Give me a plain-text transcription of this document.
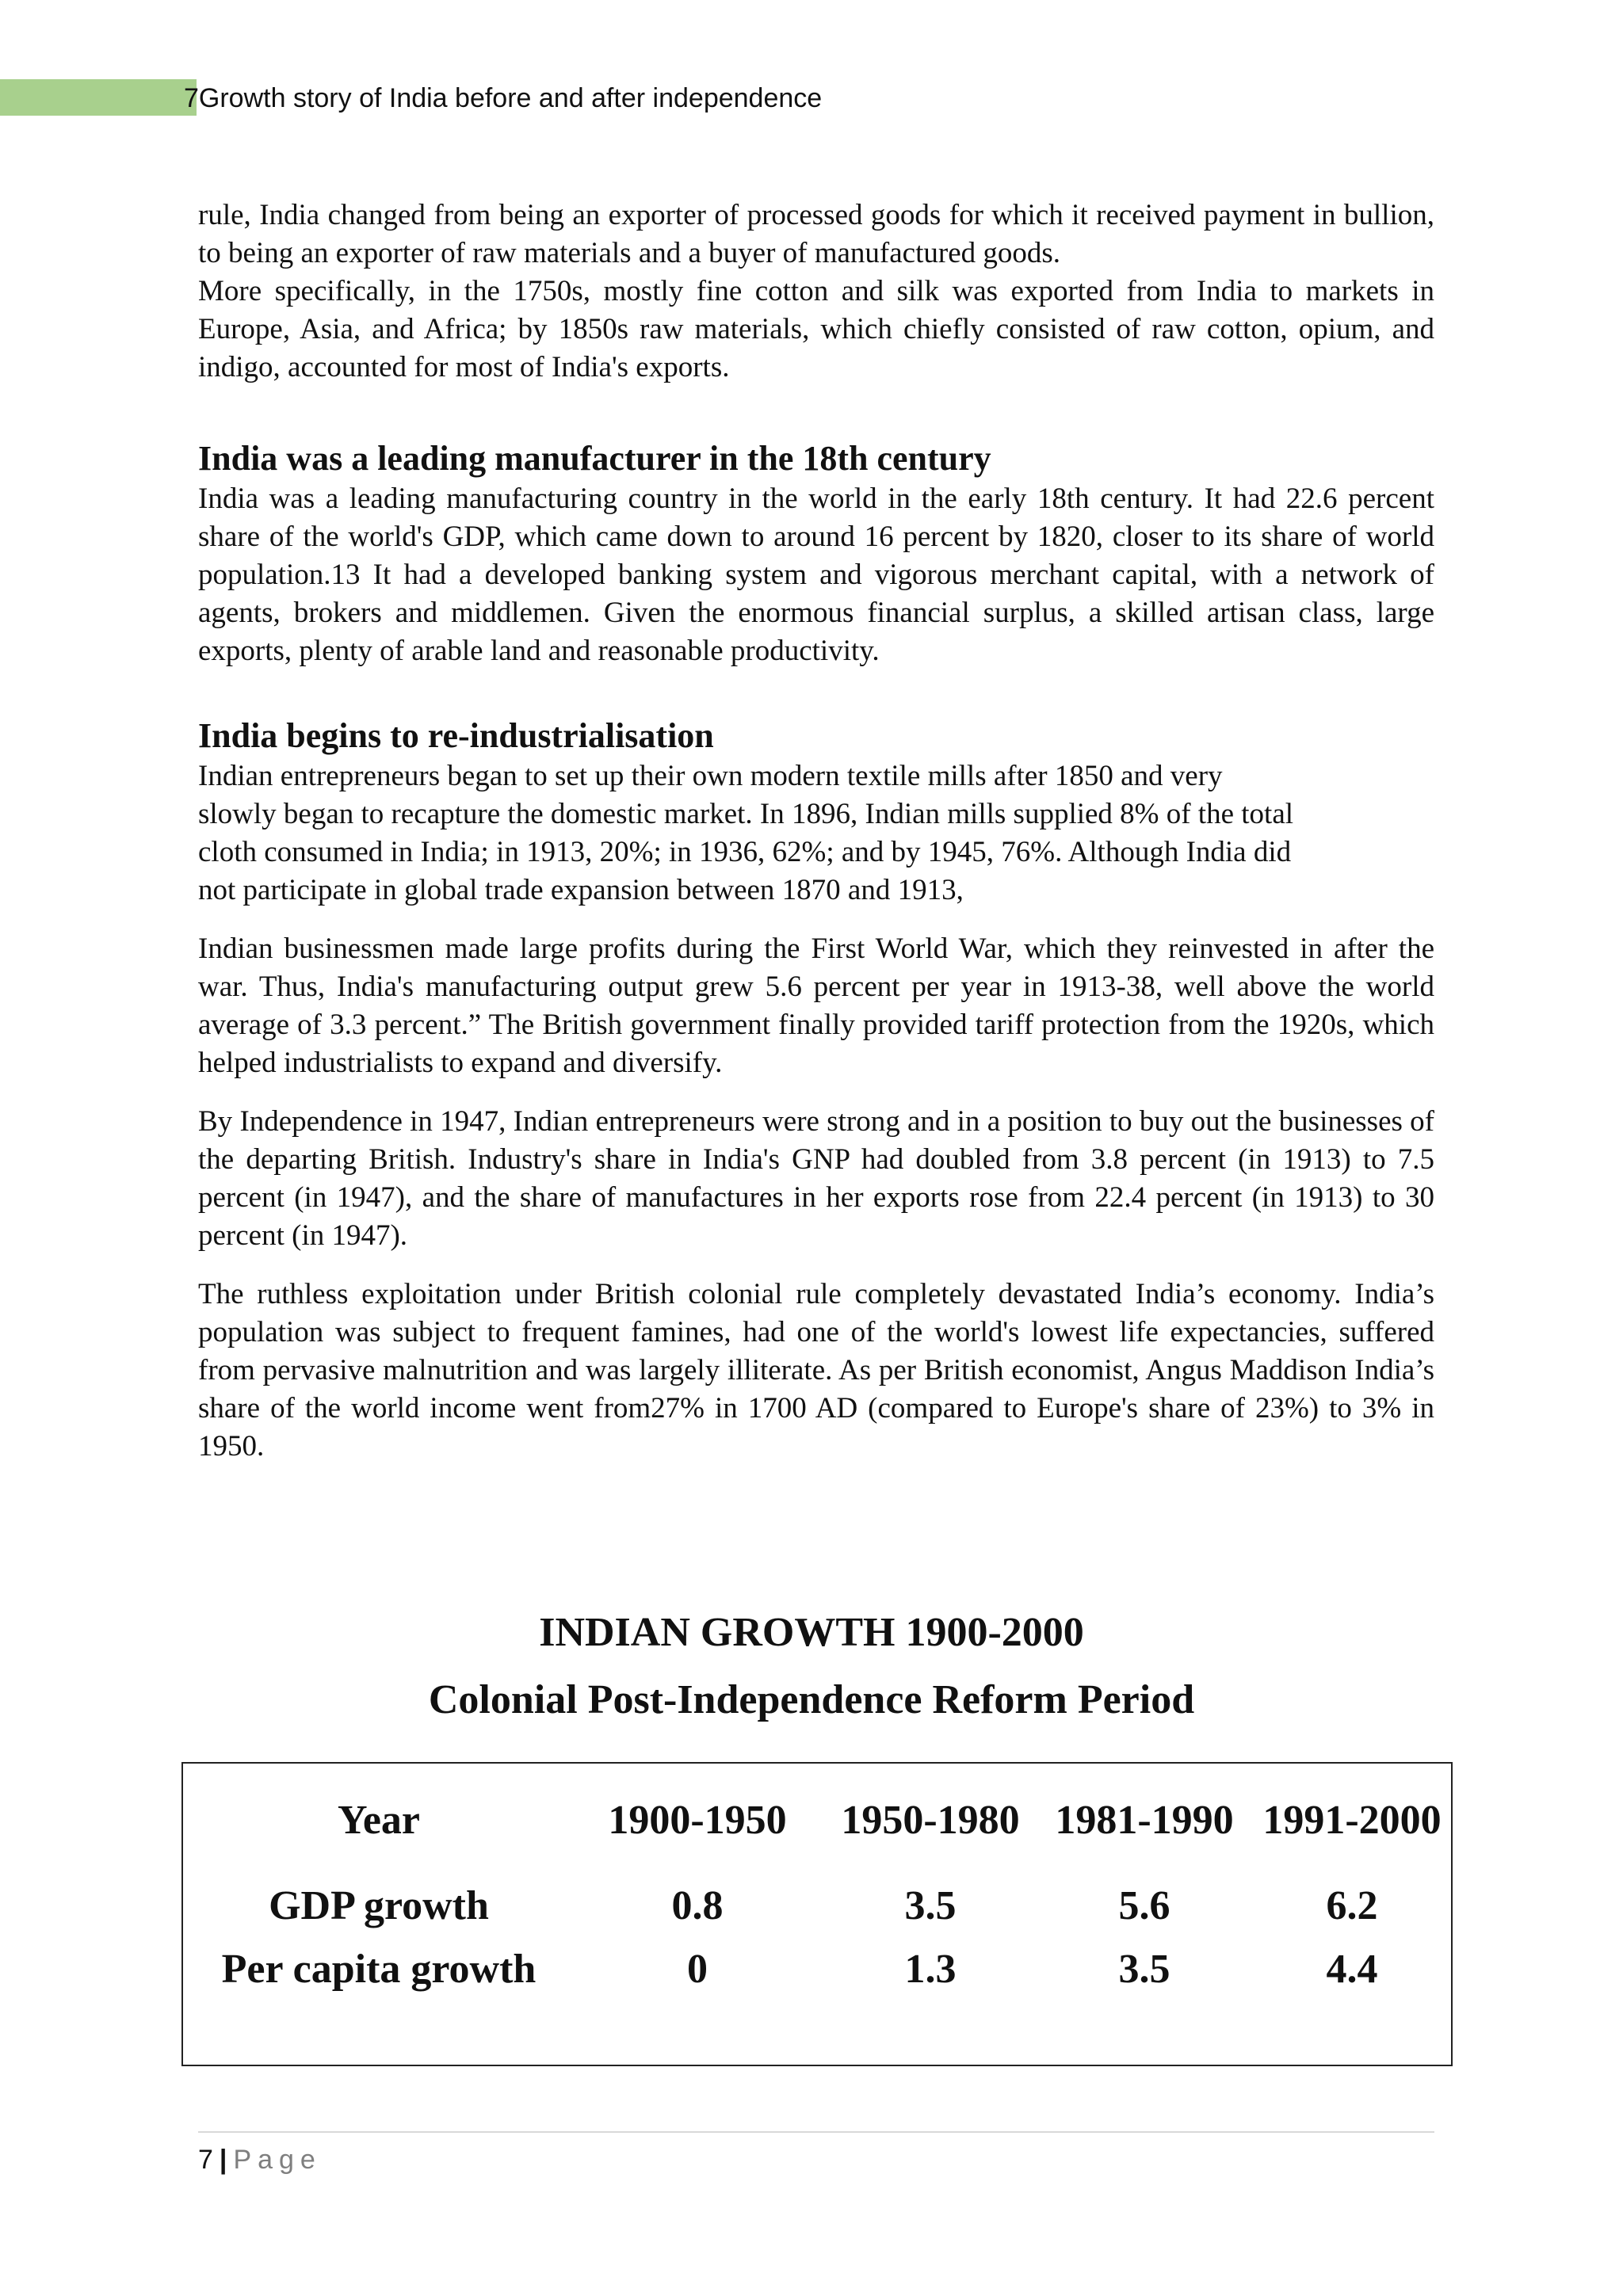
7Growth story of India before and after independence

rule, India changed from being an exporter of processed goods for which it received payment in bullion, to being an exporter of raw materials and a buyer of manufactured goods.

More specifically, in the 1750s, mostly fine cotton and silk was exported from India to markets in Europe, Asia, and Africa; by 1850s raw materials, which chiefly consisted of raw cotton, opium, and indigo, accounted for most of India's exports.

India was a leading manufacturer in the 18th century

India was a leading manufacturing country in the world in the early 18th century. It had 22.6 percent share of the world's GDP, which came down to around 16 percent by 1820, closer to its share of world population.13 It had a developed banking system and vigorous merchant capital, with a network of agents, brokers and middlemen. Given the enormous financial surplus, a skilled artisan class, large exports, plenty of arable land and reasonable productivity.

India begins to re-industrialisation

Indian entrepreneurs began to set up their own modern textile mills after 1850 and very
slowly began to recapture the domestic market. In 1896, Indian mills supplied 8% of the total
cloth consumed in India; in 1913, 20%; in 1936, 62%; and by 1945, 76%. Although India did
not participate in global trade expansion between 1870 and 1913,

Indian businessmen made large profits during the First World War, which they reinvested in after the war. Thus, India's manufacturing output grew 5.6 percent per year in 1913-38, well above the world average of 3.3 percent.” The British government finally provided tariff protection from the 1920s, which helped industrialists to expand and diversify.

By Independence in 1947, Indian entrepreneurs were strong and in a position to buy out the businesses of the departing British. Industry's share in India's GNP had doubled from 3.8 percent (in 1913) to 7.5 percent (in 1947), and the share of manufactures in her exports rose from 22.4 percent (in 1913) to 30 percent (in 1947).

The ruthless exploitation under British colonial rule completely devastated India’s economy. India’s population was subject to frequent famines, had one of the world's lowest life expectancies, suffered from pervasive malnutrition and was largely illiterate. As per British economist, Angus Maddison India’s share of the world income went from27% in 1700 AD (compared to Europe's share of 23%) to 3% in 1950.

INDIAN GROWTH 1900-2000
Colonial Post-Independence Reform Period
Year	1900-1950 1950-1980 1981-1990 1991-2000
GDP growth	0.8	3.5	5.6	6.2
Per capita growth	0	1.3	3.5	4.4
7 | Page
